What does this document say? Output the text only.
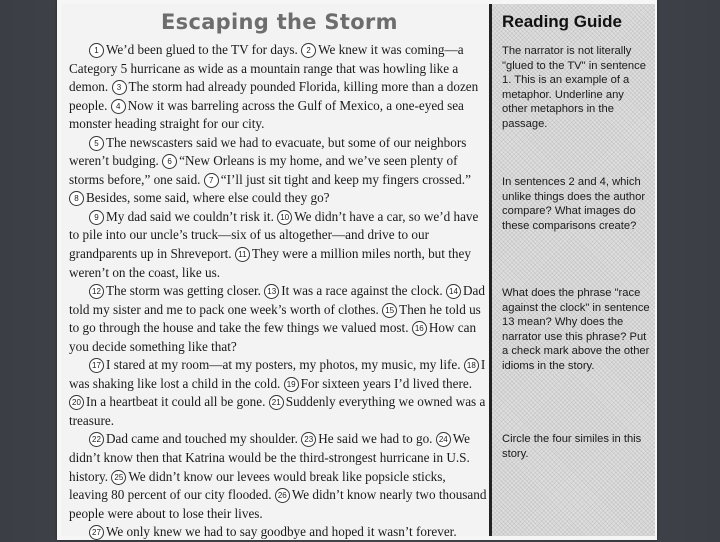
Escaping the Storm

1 We’d been glued to the TV for days. 2 We knew it was coming—a Category 5 hurricane as wide as a mountain range that was howling like a demon. 3 The storm had already pounded Florida, killing more than a dozen people. 4 Now it was barreling across the Gulf of Mexico, a one-eyed sea monster heading straight for our city.

5 The newscasters said we had to evacuate, but some of our neighbors weren’t budging. 6 “New Orleans is my home, and we’ve seen plenty of storms before,” one said. 7 “I’ll just sit tight and keep my fingers crossed.” 8 Besides, some said, where else could they go?

9 My dad said we couldn’t risk it. 10 We didn’t have a car, so we’d have to pile into our uncle’s truck—six of us altogether—and drive to our grandparents up in Shreveport. 11 They were a million miles north, but they weren’t on the coast, like us.

12 The storm was getting closer. 13 It was a race against the clock. 14 Dad told my sister and me to pack one week’s worth of clothes. 15 Then he told us to go through the house and take the few things we valued most. 16 How can you decide something like that?

17 I stared at my room—at my posters, my photos, my music, my life. 18 I was shaking like lost a child in the cold. 19 For sixteen years I’d lived there. 20 In a heartbeat it could all be gone. 21 Suddenly everything we owned was a treasure.

22 Dad came and touched my shoulder. 23 He said we had to go. 24 We didn’t know then that Katrina would be the third-strongest hurricane in U.S. history. 25 We didn’t know our levees would break like popsicle sticks, leaving 80 percent of our city flooded. 26 We didn’t know nearly two thousand people were about to lose their lives.

27 We only knew we had to say goodbye and hoped it wasn’t forever.

Reading Guide
The narrator is not literally "glued to the TV" in sentence 1. This is an example of a metaphor. Underline any other metaphors in the passage.
In sentences 2 and 4, which unlike things does the author compare? What images do these comparisons create?
What does the phrase "race against the clock" in sentence 13 mean? Why does the narrator use this phrase? Put a check mark above the other idioms in the story.
Circle the four similes in this story.
